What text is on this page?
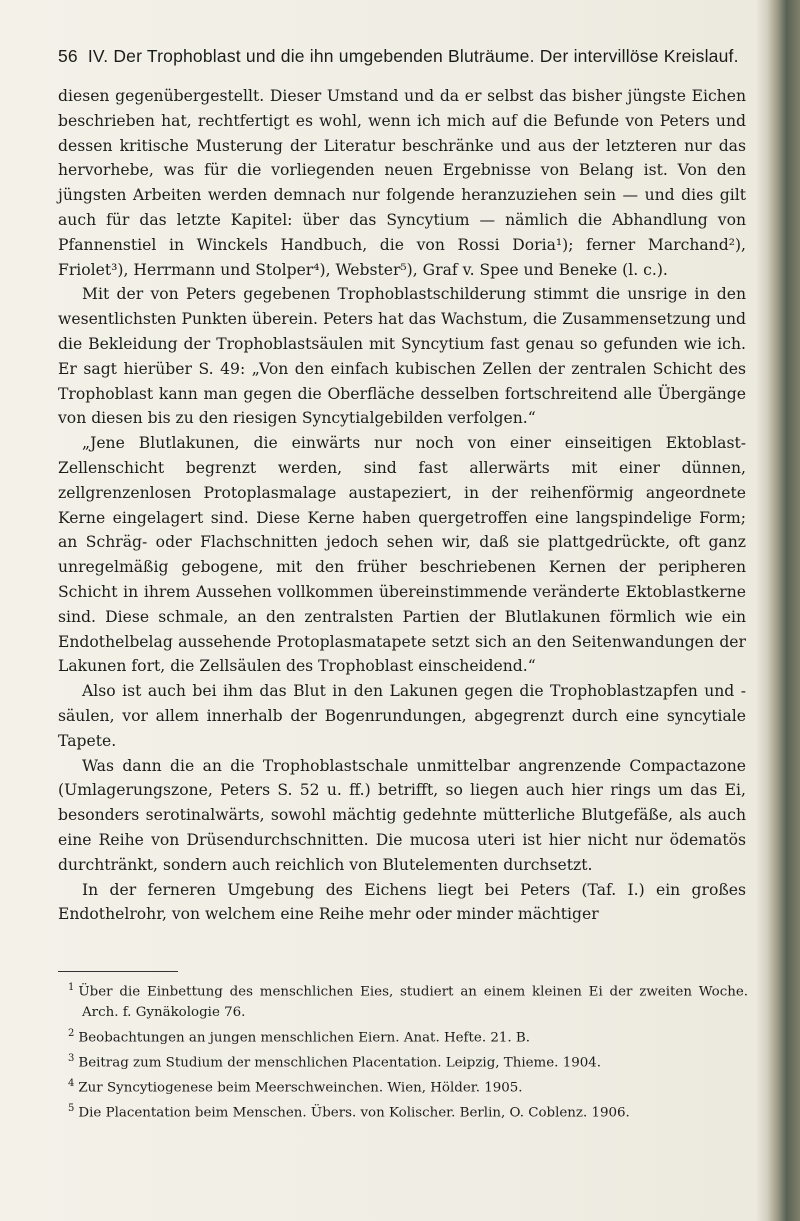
56 IV. Der Trophoblast und die ihn umgebenden Bluträume. Der intervillöse Kreislauf.

diesen gegenübergestellt. Dieser Umstand und da er selbst das bisher jüngste Eichen beschrieben hat, rechtfertigt es wohl, wenn ich mich auf die Befunde von Peters und dessen kritische Musterung der Literatur beschränke und aus der letzteren nur das hervorhebe, was für die vorliegenden neuen Ergebnisse von Belang ist. Von den jüngsten Arbeiten werden demnach nur folgende heranzuziehen sein — und dies gilt auch für das letzte Kapitel: über das Syncytium — nämlich die Abhandlung von Pfannenstiel in Winckels Handbuch, die von Rossi Doria¹); ferner Marchand²), Friolet³), Herrmann und Stolper⁴), Webster⁵), Graf v. Spee und Beneke (l. c.).

Mit der von Peters gegebenen Trophoblastschilderung stimmt die unsrige in den wesentlichsten Punkten überein. Peters hat das Wachstum, die Zusammensetzung und die Bekleidung der Trophoblastsäulen mit Syncytium fast genau so gefunden wie ich. Er sagt hierüber S. 49: „Von den einfach kubischen Zellen der zentralen Schicht des Trophoblast kann man gegen die Oberfläche desselben fortschreitend alle Übergänge von diesen bis zu den riesigen Syncytialgebilden verfolgen.“

„Jene Blutlakunen, die einwärts nur noch von einer einseitigen Ektoblast-Zellenschicht begrenzt werden, sind fast allerwärts mit einer dünnen, zellgrenzenlosen Protoplasmalage austapeziert, in der reihenförmig angeordnete Kerne eingelagert sind. Diese Kerne haben quergetroffen eine langspindelige Form; an Schräg- oder Flachschnitten jedoch sehen wir, daß sie plattgedrückte, oft ganz unregelmäßig gebogene, mit den früher beschriebenen Kernen der peripheren Schicht in ihrem Aussehen vollkommen übereinstimmende veränderte Ektoblastkerne sind. Diese schmale, an den zentralsten Partien der Blutlakunen förmlich wie ein Endothelbelag aussehende Protoplasmatapete setzt sich an den Seitenwandungen der Lakunen fort, die Zellsäulen des Trophoblast einscheidend.“

Also ist auch bei ihm das Blut in den Lakunen gegen die Trophoblastzapfen und -säulen, vor allem innerhalb der Bogenrundungen, abgegrenzt durch eine syncytiale Tapete.

Was dann die an die Trophoblastschale unmittelbar angrenzende Compactazone (Umlagerungszone, Peters S. 52 u. ff.) betrifft, so liegen auch hier rings um das Ei, besonders serotinalwärts, sowohl mächtig gedehnte mütterliche Blutgefäße, als auch eine Reihe von Drüsendurchschnitten. Die mucosa uteri ist hier nicht nur ödematös durchtränkt, sondern auch reichlich von Blutelementen durchsetzt.

In der ferneren Umgebung des Eichens liegt bei Peters (Taf. I.) ein großes Endothelrohr, von welchem eine Reihe mehr oder minder mächtiger

$^1$ Über die Einbettung des menschlichen Eies, studiert an einem kleinen Ei der zweiten Woche. Arch. f. Gynäkologie 76.
$^2$ Beobachtungen an jungen menschlichen Eiern. Anat. Hefte. 21. B.
$^3$ Beitrag zum Studium der menschlichen Placentation. Leipzig, Thieme. 1904.
$^4$ Zur Syncytiogenese beim Meerschweinchen. Wien, Hölder. 1905.
$^5$ Die Placentation beim Menschen. Übers. von Kolischer. Berlin, O. Coblenz. 1906.
